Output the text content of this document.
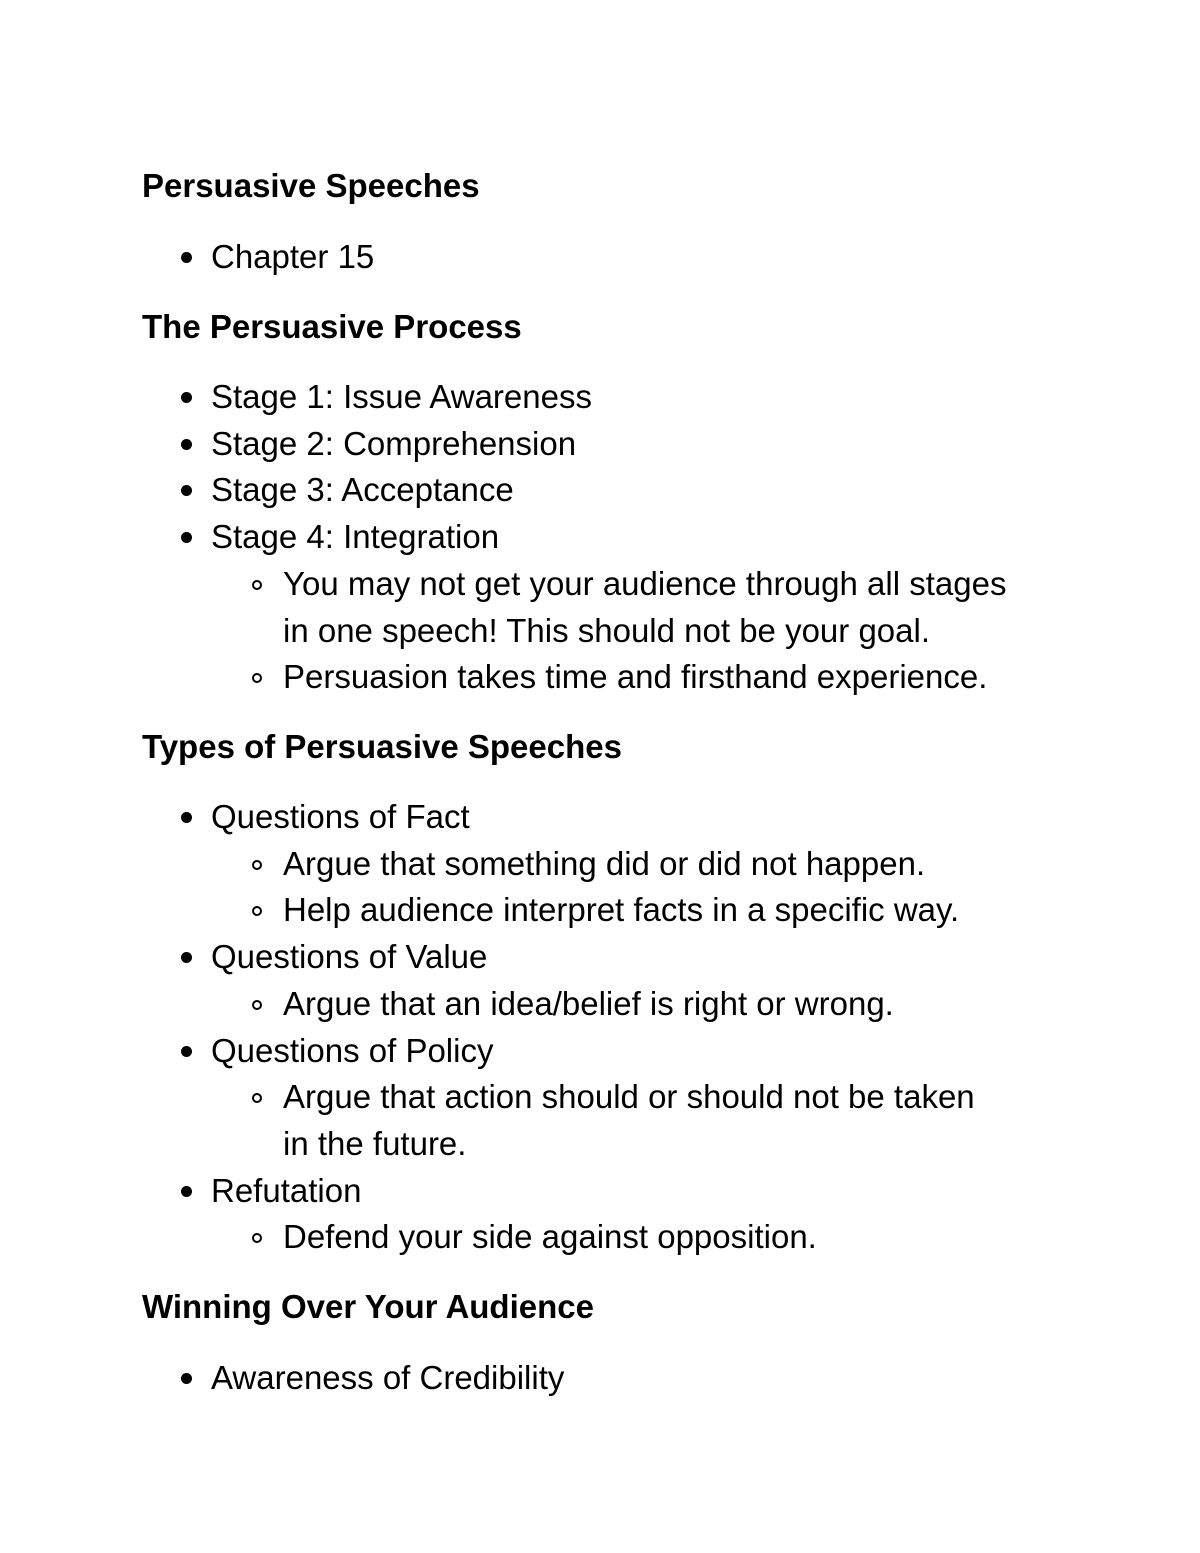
Persuasive Speeches
Chapter 15
The Persuasive Process
Stage 1: Issue Awareness
Stage 2: Comprehension
Stage 3: Acceptance
Stage 4: Integration
You may not get your audience through all stages
in one speech! This should not be your goal.
Persuasion takes time and firsthand experience.
Types of Persuasive Speeches
Questions of Fact
Argue that something did or did not happen.
Help audience interpret facts in a specific way.
Questions of Value
Argue that an idea/belief is right or wrong.
Questions of Policy
Argue that action should or should not be taken
in the future.
Refutation
Defend your side against opposition.
Winning Over Your Audience
Awareness of Credibility
